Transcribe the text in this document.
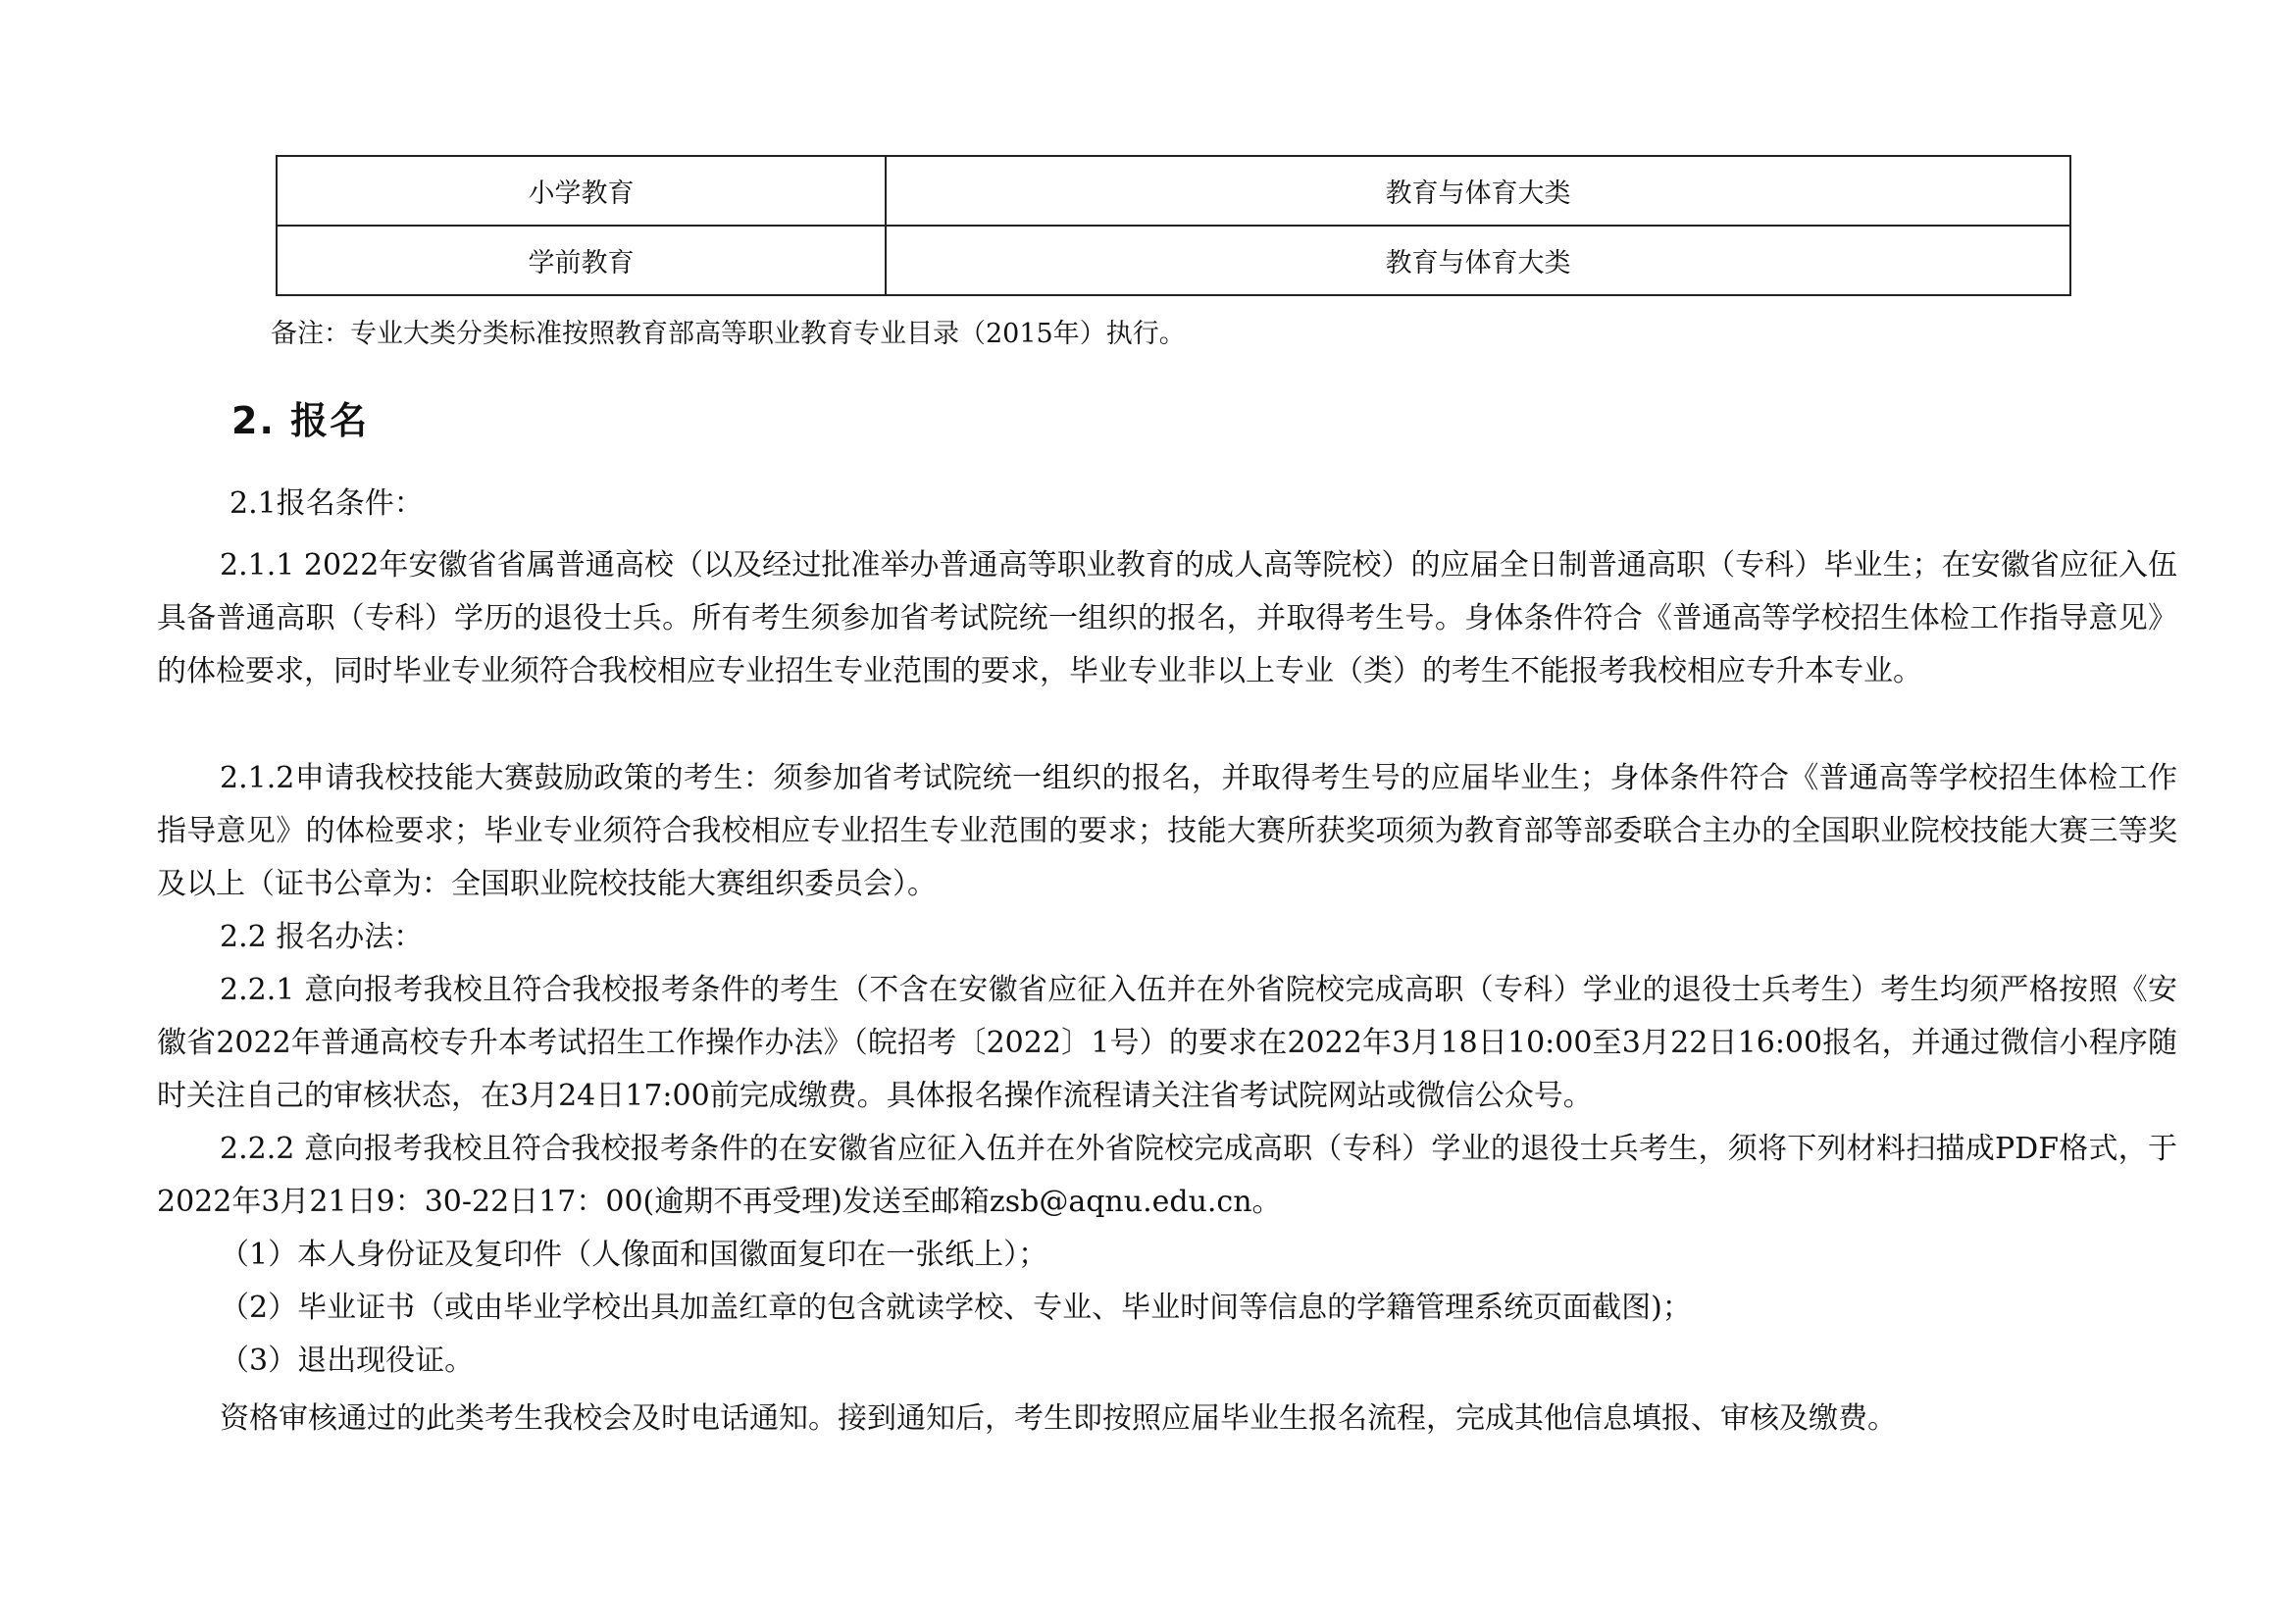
小学教育	教育与体育大类
学前教育	教育与体育大类
备注：专业大类分类标准按照教育部高等职业教育专业目录（2015年）执行。
2. 报名
2.1报名条件：

2.1.1 2022年安徽省省属普通高校（以及经过批准举办普通高等职业教育的成人高等院校）的应届全日制普通高职（专科）毕业生；在安徽省应征入伍具备普通高职（专科）学历的退役士兵。所有考生须参加省考试院统一组织的报名，并取得考生号。身体条件符合《普通高等学校招生体检工作指导意见》的体检要求，同时毕业专业须符合我校相应专业招生专业范围的要求，毕业专业非以上专业（类）的考生不能报考我校相应专升本专业。

2.1.2申请我校技能大赛鼓励政策的考生：须参加省考试院统一组织的报名，并取得考生号的应届毕业生；身体条件符合《普通高等学校招生体检工作指导意见》的体检要求；毕业专业须符合我校相应专业招生专业范围的要求；技能大赛所获奖项须为教育部等部委联合主办的全国职业院校技能大赛三等奖及以上（证书公章为：全国职业院校技能大赛组织委员会）。

2.2 报名办法：

2.2.1 意向报考我校且符合我校报考条件的考生（不含在安徽省应征入伍并在外省院校完成高职（专科）学业的退役士兵考生）考生均须严格按照《安徽省2022年普通高校专升本考试招生工作操作办法》（皖招考〔2022〕1号）的要求在2022年3月18日10:00至3月22日16:00报名，并通过微信小程序随时关注自己的审核状态，在3月24日17:00前完成缴费。具体报名操作流程请关注省考试院网站或微信公众号。

2.2.2 意向报考我校且符合我校报考条件的在安徽省应征入伍并在外省院校完成高职（专科）学业的退役士兵考生，须将下列材料扫描成PDF格式，于2022年3月21日9：30-22日17：00(逾期不再受理)发送至邮箱zsb@aqnu.edu.cn。

（1）本人身份证及复印件（人像面和国徽面复印在一张纸上）；
（2）毕业证书（或由毕业学校出具加盖红章的包含就读学校、专业、毕业时间等信息的学籍管理系统页面截图)；
（3）退出现役证。
资格审核通过的此类考生我校会及时电话通知。接到通知后，考生即按照应届毕业生报名流程，完成其他信息填报、审核及缴费。
